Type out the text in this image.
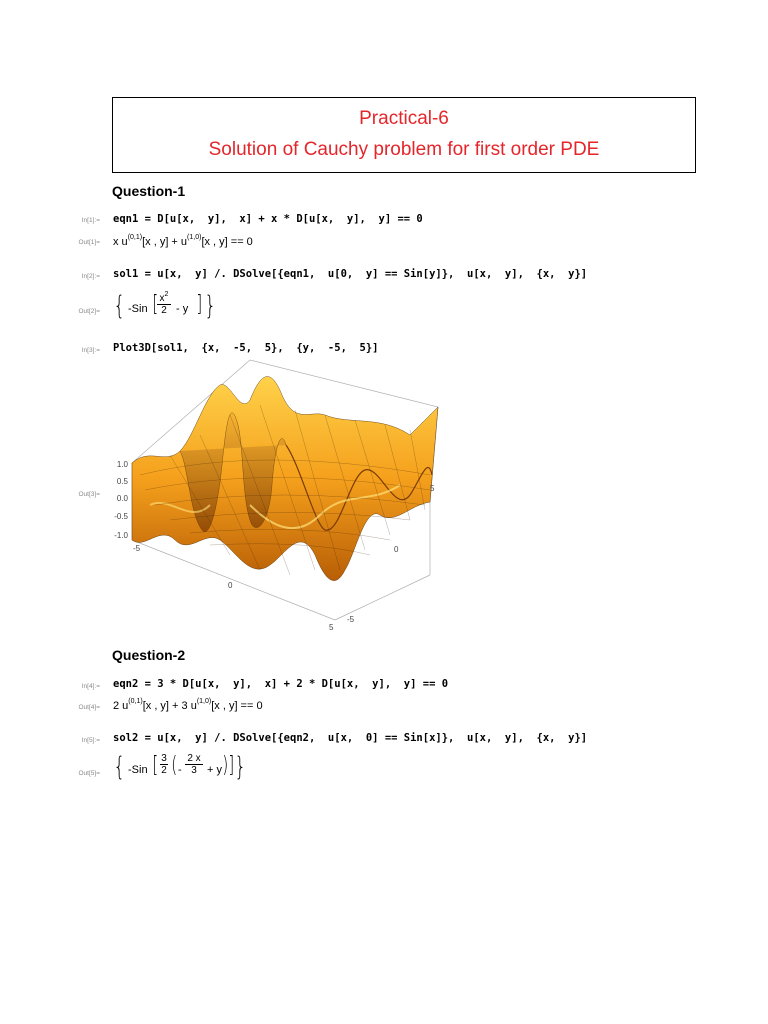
Practical-6
Solution of Cauchy problem for first order PDE
Question-1
In[1]:= eqn1 = D[u[x,  y],  x] + x * D[u[x,  y],  y] == 0
Out[1]= x $u^{(0,1)}[x$ , $y] + u^{(1,0)}[x$ , y] == 0
In[2]:= sol1 = u[x,  y] /. DSolve[{eqn1,  u[0,  y] == Sin[y]},  u[x,  y],  {x,  y}]
Out[2]= { -Sin [
$\frac{x^2}{2}$ - y ] }
In[3]:= Plot3D[sol1,  {x,  -5,  5},  {y,  -5,  5}]
Out[3]=
1.0
0.5
0.0
-0.5
-1.0
-5
0
5
5
0
-5
Question-2
In[4]:= eqn2 = 3 * D[u[x,  y],  x] + 2 * D[u[x,  y],  y] == 0
Out[4]= 2 $u^{(0,1)}[x$ , y] + 3 $u^{(1,0)}[x$ , y] == 0
In[5]:= sol2 = u[x,  y] /. DSolve[{eqn2,  u[x,  0] == Sin[x]},  u[x,  y],  {x,  y}]
Out[5]= { -Sin [ $\frac{3}{2}$ ( - $\frac{2 x}{3} + y$ ) ] }
